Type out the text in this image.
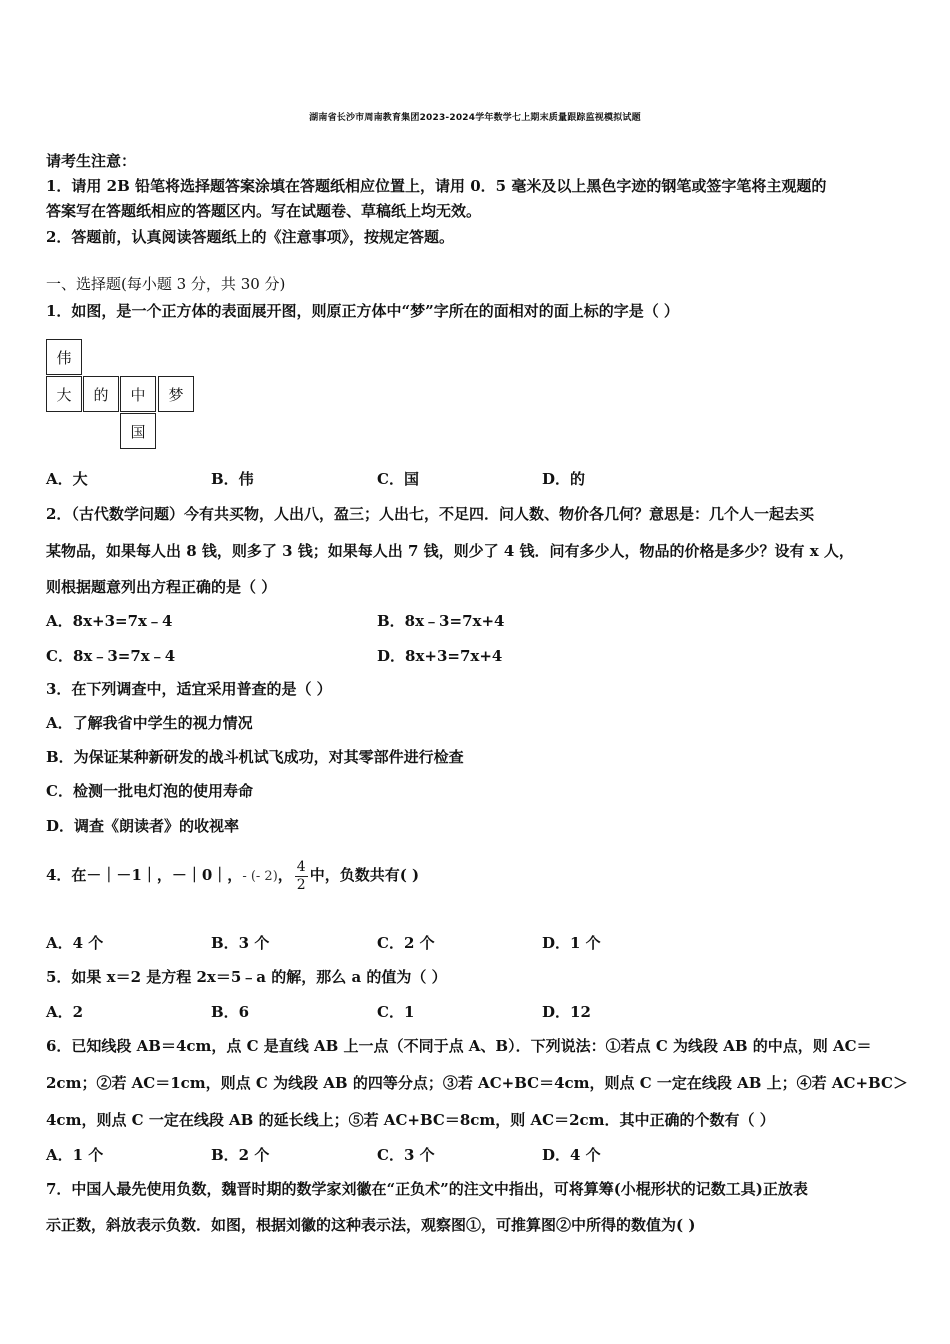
湖南省长沙市周南教育集团2023-2024学年数学七上期末质量跟踪监视模拟试题
请考生注意：
1．请用 2B 铅笔将选择题答案涂填在答题纸相应位置上，请用 0．5 毫米及以上黑色字迹的钢笔或签字笔将主观题的
答案写在答题纸相应的答题区内。写在试题卷、草稿纸上均无效。
2．答题前，认真阅读答题纸上的《注意事项》，按规定答题。
一、选择题(每小题 3 分，共 30 分)
1．如图，是一个正方体的表面展开图，则原正方体中“梦”字所在的面相对的面上标的字是（ ）
伟
大	的	中	梦
国
A．大	B．伟	C．国	D．的
2．（古代数学问题）今有共买物，人出八，盈三；人出七，不足四．问人数、物价各几何？意思是：几个人一起去买
某物品，如果每人出 8 钱，则多了 3 钱；如果每人出 7 钱，则少了 4 钱．问有多少人，物品的价格是多少？设有 x 人，
则根据题意列出方程正确的是（ ）
A．8x+3=7x﹣4	B．8x﹣3=7x+4
C．8x﹣3=7x﹣4	D．8x+3=7x+4
3．在下列调查中，适宜采用普查的是（ ）
A．了解我省中学生的视力情况
B．为保证某种新研发的战斗机试飞成功，对其零部件进行检查
C．检测一批电灯泡的使用寿命
D．调查《朗读者》的收视率
4．在－｜－1｜，－｜0｜，- (- 2)， $\frac{4}{2}$ 中，负数共有( )
A．4 个	B．3 个	C．2 个	D．1 个
5．如果 x＝2 是方程 2x＝5﹣a 的解，那么 a 的值为（ ）
A．2	B．6	C．1	D．12
6．已知线段 AB＝4cm，点 C 是直线 AB 上一点（不同于点 A、B）．下列说法：①若点 C 为线段 AB 的中点，则 AC＝
2cm；②若 AC＝1cm，则点 C 为线段 AB 的四等分点；③若 AC+BC＝4cm，则点 C 一定在线段 AB 上；④若 AC+BC＞
4cm，则点 C 一定在线段 AB 的延长线上；⑤若 AC+BC＝8cm，则 AC＝2cm．其中正确的个数有（ ）
A．1 个	B．2 个	C．3 个	D．4 个
7．中国人最先使用负数，魏晋时期的数学家刘徽在“正负术”的注文中指出，可将算筹(小棍形状的记数工具)正放表
示正数，斜放表示负数．如图，根据刘徽的这种表示法，观察图①，可推算图②中所得的数值为( )
